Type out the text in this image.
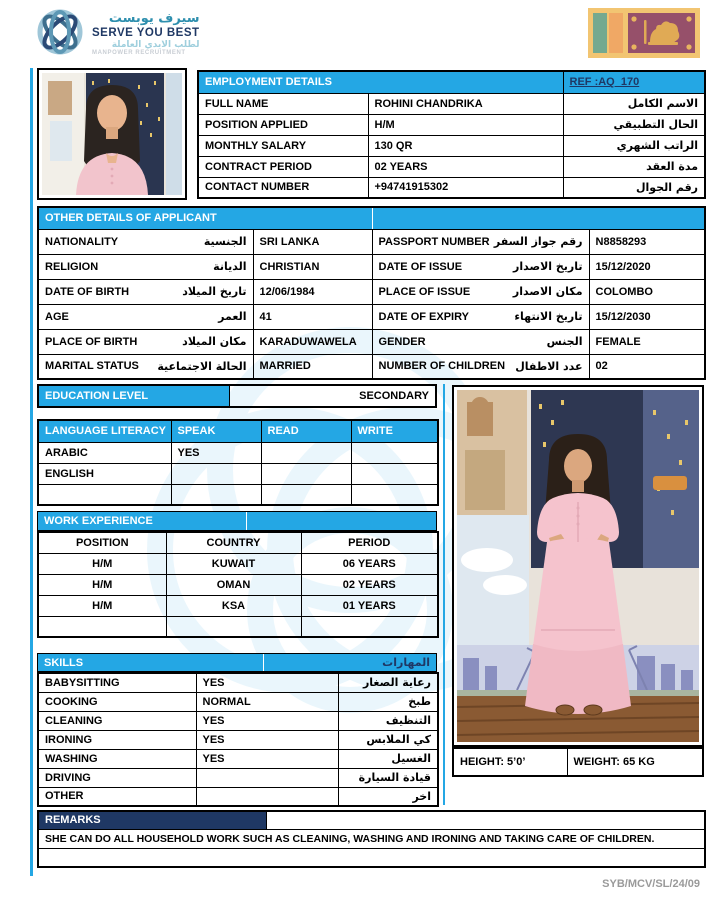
سيرف يوبست
SERVE YOU BEST
لطلب الايدي العاملة
MANPOWER RECRUITMENT
EMPLOYMENT DETAILS		REF :AQ_170
FULL NAME	ROHINI CHANDRIKA	الاسم الكامل
POSITION APPLIED	H/M	الحال التطبيقي
MONTHLY SALARY	130 QR	الراتب الشهري
CONTRACT PERIOD	02 YEARS	مدة العقد
CONTACT NUMBER	+94741915302	رقم الجوال
OTHER DETAILS OF APPLICANT			

NATIONALITY الجنسية	SRI LANKA	PASSPORT NUMBER رقم جواز السفر	N8858293

RELIGION الديانة	CHRISTIAN	DATE OF ISSUE تاريخ الاصدار	15/12/2020

DATE OF BIRTH تاريخ الميلاد	12/06/1984	PLACE OF ISSUE مكان الاصدار	COLOMBO

AGE العمر	41	DATE OF EXPIRY تاريخ الانتهاء	15/12/2030

PLACE OF BIRTH مكان الميلاد	KARADUWAWELA	GENDER الجنس	FEMALE

MARITAL STATUS الحالة الاجتماعية	MARRIED	NUMBER OF CHILDREN عدد الاطفال	02
EDUCATION LEVEL	SECONDARY
LANGUAGE LITERACY	SPEAK	READ	WRITE
ARABIC	YES		
ENGLISH			

WORK EXPERIENCE
POSITION	COUNTRY	PERIOD
H/M	KUWAIT	06 YEARS
H/M	OMAN	02 YEARS
H/M	KSA	01 YEARS

SKILLS	المهارات
BABYSITTING	YES	رعاية الصغار
COOKING	NORMAL	طبخ
CLEANING	YES	التنظيف
IRONING	YES	كي الملابس
WASHING	YES	الغسيل
DRIVING		قيادة السيارة
OTHER		اخر
HEIGHT: 5’0’	WEIGHT: 65 KG
REMARKS	
SHE CAN DO ALL HOUSEHOLD WORK SUCH AS CLEANING, WASHING AND IRONING AND TAKING CARE OF CHILDREN.

SYB/MCV/SL/24/09
